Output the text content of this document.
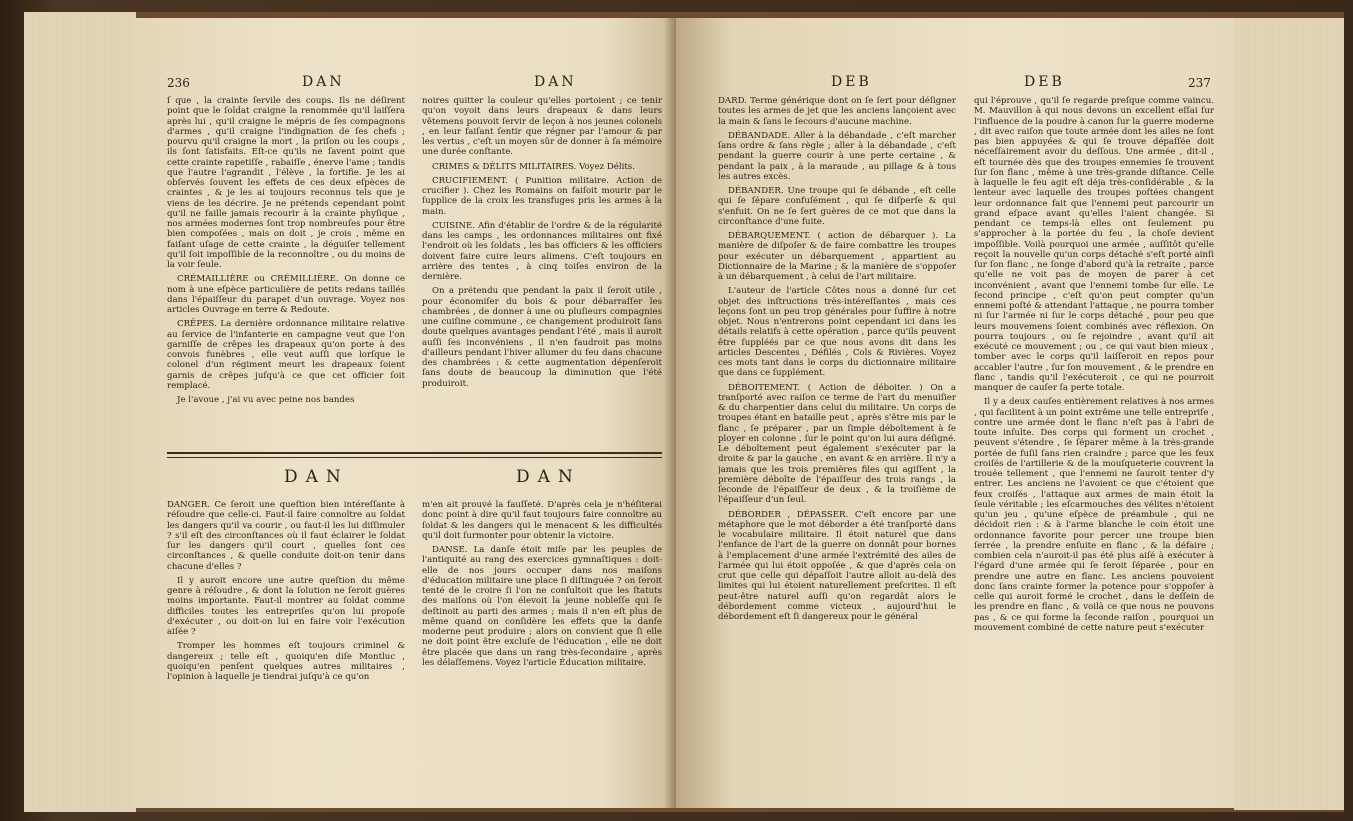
236	DAN	DAN

ſ que , la crainte ſervile des coups. Ils ne déſirent point que le ſoldat craigne la renommée qu'il laiſſera après lui , qu'il craigne le mépris de ſes compagnons d'armes , qu'il craigne l'indignation de ſes chefs ; pourvu qu'il craigne la mort , la priſon ou les coups , ils ſont ſatisfaits. Eſt-ce qu'ils ne ſavent point que cette crainte rapetiſſe , rabaiſſe , énerve l'ame ; tandis que l'autre l'agrandit , l'élève , la fortifie. Je les ai obſervés ſouvent les effets de ces deux eſpèces de craintes , & je les ai toujours reconnus tels que je viens de les décrire. Je ne prétends cependant point qu'il ne faille jamais recourir à la crainte phyſique , nos armées modernes ſont trop nombreuſes pour être bien compoſées , mais on doit , je crois , même en faiſant uſage de cette crainte , la déguiſer tellement qu'il ſoit impoſſible de la reconnoître , ou du moins de la voir ſeule.

CRÉMAILLIÈRE ou CRÉMILLIÈRE. On donne ce nom à une eſpèce particulière de petits redans taillés dans l'épaiſſeur du parapet d'un ouvrage. Voyez nos articles Ouvrage en terre & Redoute.

CRÊPES. La dernière ordonnance militaire relative au ſervice de l'infanterie en campagne veut que l'on garniſſe de crêpes les drapeaux qu'on porte à des convois funèbres , elle veut auſſi que lorſque le colonel d'un régiment meurt les drapeaux ſoient garnis de crêpes juſqu'à ce que cet officier ſoit remplacé.

Je l'avoue , j'ai vu avec peine nos bandes

noires quitter la couleur qu'elles portoient ; ce tenir qu'on voyoit dans leurs drapeaux & dans leurs vêtemens pouvoit ſervir de leçon à nos jeunes colonels , en leur faiſant ſentir que régner par l'amour & par les vertus , c'eſt un moyen sûr de donner à ſa mémoire une durée conſtante.

CRIMES & DÉLITS MILITAIRES. Voyez Délits.

CRUCIFIEMENT. ( Punition militaire. Action de crucifier ). Chez les Romains on faiſoit mourir par le ſupplice de la croix les transfuges pris les armes à la main.

CUISINE. Afin d'établir de l'ordre & de la régularité dans les camps , les ordonnances militaires ont fixé l'endroit où les ſoldats , les bas officiers & les officiers doivent faire cuire leurs alimens. C'eſt toujours en arrière des tentes , à cinq toiſes environ de la dernière.

On a prétendu que pendant la paix il ſeroit utile , pour économiſer du bois & pour débarraſſer les chambrées , de donner à une ou pluſieurs compagnies une cuiſine commune , ce changement produiroit ſans doute quelques avantages pendant l'été , mais il auroit auſſi ſes inconvéniens , il n'en faudroit pas moins d'ailleurs pendant l'hiver allumer du feu dans chacune des chambrées : & cette augmentation dépenſeroit ſans doute de beaucoup la diminution que l'été produiroit.

DAN	DAN

DANGER. Ce ſeroit une queſtion bien intéreſſante à réſoudre que celle-ci. Faut-il faire connoître au ſoldat les dangers qu'il va courir , ou faut-il les lui diſſimuler ? s'il eſt des circonſtances où il faut éclairer le ſoldat ſur les dangers qu'il court , quelles ſont ces circonſtances , & quelle conduite doit-on tenir dans chacune d'elles ?

Il y auroit encore une autre queſtion du même genre à réſoudre , & dont la ſolution ne ſeroit guères moins importante. Faut-il montrer au ſoldat comme difficiles toutes les entrepriſes qu'on lui propoſe d'exécuter , ou doit-on lui en faire voir l'exécution aiſée ?

Tromper les hommes eſt toujours criminel & dangereux ; telle eſt , quoiqu'en diſe Montluc , quoiqu'en penſent quelques autres militaires , l'opinion à laquelle je tiendrai juſqu'à ce qu'on

m'en ait prouvé la fauſſeté. D'après cela je n'héſiterai donc point à dire qu'il faut toujours faire connoître au ſoldat & les dangers qui le menacent & les difficultés qu'il doit ſurmonter pour obtenir la victoire.

DANSE. La danſe étoit miſe par les peuples de l'antiquité au rang des exercices gymnaſtiques : doit-elle de nos jours occuper dans nos maiſons d'éducation militaire une place ſi diſtinguée ? on ſeroit tenté de le croire ſi l'on ne conſultoit que les ſtatuts des maiſons où l'on élevoit la jeune nobleſſe qui ſe deſtinoit au parti des armes ; mais il n'en eſt plus de même quand on conſidère les effets que la danſe moderne peut produire ; alors on convient que ſi elle ne doit point être excluſe de l'éducation , elle ne doit être placée que dans un rang très-ſecondaire , après les délaſſemens. Voyez l'article Éducation militaire.

DEB	DEB	237

DARD. Terme générique dont on ſe ſert pour déſigner toutes les armes de jet que les anciens lançoient avec la main & ſans le ſecours d'aucune machine.

DÉBANDADE. Aller à la débandade , c'eſt marcher ſans ordre & ſans règle ; aller à la débandade , c'eſt pendant la guerre courir à une perte certaine , & pendant la paix , à la maraude , au pillage & à tous les autres excès.

DÉBANDER. Une troupe qui ſe débande , eſt celle qui ſe ſépare confuſément , qui ſe diſperſe & qui s'enfuit. On ne ſe ſert guères de ce mot que dans la circonſtance d'une fuite.

DÉBARQUEMENT. ( action de débarquer ). La manière de diſpoſer & de faire combattre les troupes pour exécuter un débarquement , appartient au Dictionnaire de la Marine ; & la manière de s'oppoſer à un débarquement , à celui de l'art militaire.

L'auteur de l'article Côtes nous a donné ſur cet objet des inſtructions très-intéreſſantes , mais ces leçons ſont un peu trop générales pour ſuffire à notre objet. Nous n'entrerons point cependant ici dans les détails relatifs à cette opération , parce qu'ils peuvent être ſuppléés par ce que nous avons dit dans les articles Descentes , Défilés , Cols & Rivières. Voyez ces mots tant dans le corps du dictionnaire militaire que dans ce ſupplément.

DÉBOITEMENT. ( Action de déboiter. ) On a tranſporté avec raiſon ce terme de l'art du menuiſier & du charpentier dans celui du militaire. Un corps de troupes étant en bataille peut , après s'être mis par le flanc , ſe préparer , par un ſimple déboîtement à ſe ployer en colonne , ſur le point qu'on lui aura déſigné. Le déboîtement peut également s'exécuter par la droite & par la gauche , en avant & en arrière. Il n'y a jamais que les trois premières files qui agiſſent , la première déboîte de l'épaiſſeur des trois rangs , la ſeconde de l'épaiſſeur de deux , & la troiſième de l'épaiſſeur d'un ſeul.

DÉBORDER , DÉPASSER. C'eſt encore par une métaphore que le mot déborder a été tranſporté dans le vocabulaire militaire. Il étoit naturel que dans l'enfance de l'art de la guerre on donnât pour bornes à l'emplacement d'une armée l'extrémité des ailes de l'armée qui lui étoit oppoſée , & que d'après cela on crut que celle qui dépaſſoit l'autre alloit au-delà des limites qui lui étoient naturellement preſcrites. Il eſt peut-être naturel auſſi qu'on regardât alors le débordement comme victeux , aujourd'hui le débordement eſt ſi dangereux pour le général

qui l'éprouve , qu'il ſe regarde preſque comme vaincu. M. Mauvillon à qui nous devons un excellent eſſai ſur l'influence de la poudre à canon ſur la guerre moderne , dit avec raiſon que toute armée dont les ailes ne ſont pas bien appuyées & qui ſe trouve dépaſſée doit néceſſairement avoir du deſſous. Une armée , dit-il , eſt tournée dès que des troupes ennemies ſe trouvent ſur ſon flanc , même à une très-grande diſtance. Celle à laquelle le feu agit eſt déja très-conſidérable , & la lenteur avec laquelle des troupes poſtées changent leur ordonnance fait que l'ennemi peut parcourir un grand eſpace avant qu'elles l'aient changée. Si pendant ce temps-là elles ont ſeulement pu s'approcher à la portée du feu , la choſe devient impoſſible. Voilà pourquoi une armée , auſſitôt qu'elle reçoit la nouvelle qu'un corps détaché s'eſt porté ainſi ſur ſon flanc , ne ſonge d'abord qu'à la retraite , parce qu'elle ne voit pas de moyen de parer à cet inconvénient , avant que l'ennemi tombe ſur elle. Le ſecond principe , c'eſt qu'on peut compter qu'un ennemi poſté & attendant l'attaque , ne pourra tomber ni ſur l'armée ni ſur le corps détaché , pour peu que leurs mouvemens ſoient combinés avec réflexion. On pourra toujours , ou ſe rejoindre , avant qu'il ait exécuté ce mouvement ; ou , ce qui vaut bien mieux , tomber avec le corps qu'il laiſſeroit en repos pour accabler l'autre , ſur ſon mouvement , & le prendre en flanc , tandis qu'il l'exécuteroit , ce qui ne pourroit manquer de cauſer ſa perte totale.

Il y a deux cauſes entièrement relatives à nos armes , qui facilitent à un point extrême une telle entrepriſe , contre une armée dont le flanc n'eſt pas à l'abri de toute inſulte. Des corps qui forment un crochet , peuvent s'étendre , ſe ſéparer même à la très-grande portée de fuſil ſans rien craindre ; parce que les feux croiſés de l'artillerie & de la mouſqueterie couvrent la trouée tellement , que l'ennemi ne ſauroit tenter d'y entrer. Les anciens ne l'avoient ce que c'étoient que feux croiſés , l'attaque aux armes de main étoit la ſeule véritable ; les eſcarmouches des vélites n'étoient qu'un jeu , qu'une eſpèce de préambule , qui ne décidoit rien : & à l'arme blanche le coin étoit une ordonnance favorite pour percer une troupe bien ſerrée , la prendre enſuite en flanc , & la défaire ; combien cela n'auroit-il pas été plus aiſé à exécuter à l'égard d'une armée qui ſe ſeroit ſéparée , pour en prendre une autre en flanc. Les anciens pouvoient donc ſans crainte former la potence pour s'oppoſer à celle qui auroit formé le crochet , dans le deſſein de les prendre en flanc , & voilà ce que nous ne pouvons pas , & ce qui forme la ſeconde raiſon , pourquoi un mouvement combiné de cette nature peut s'exécuter
